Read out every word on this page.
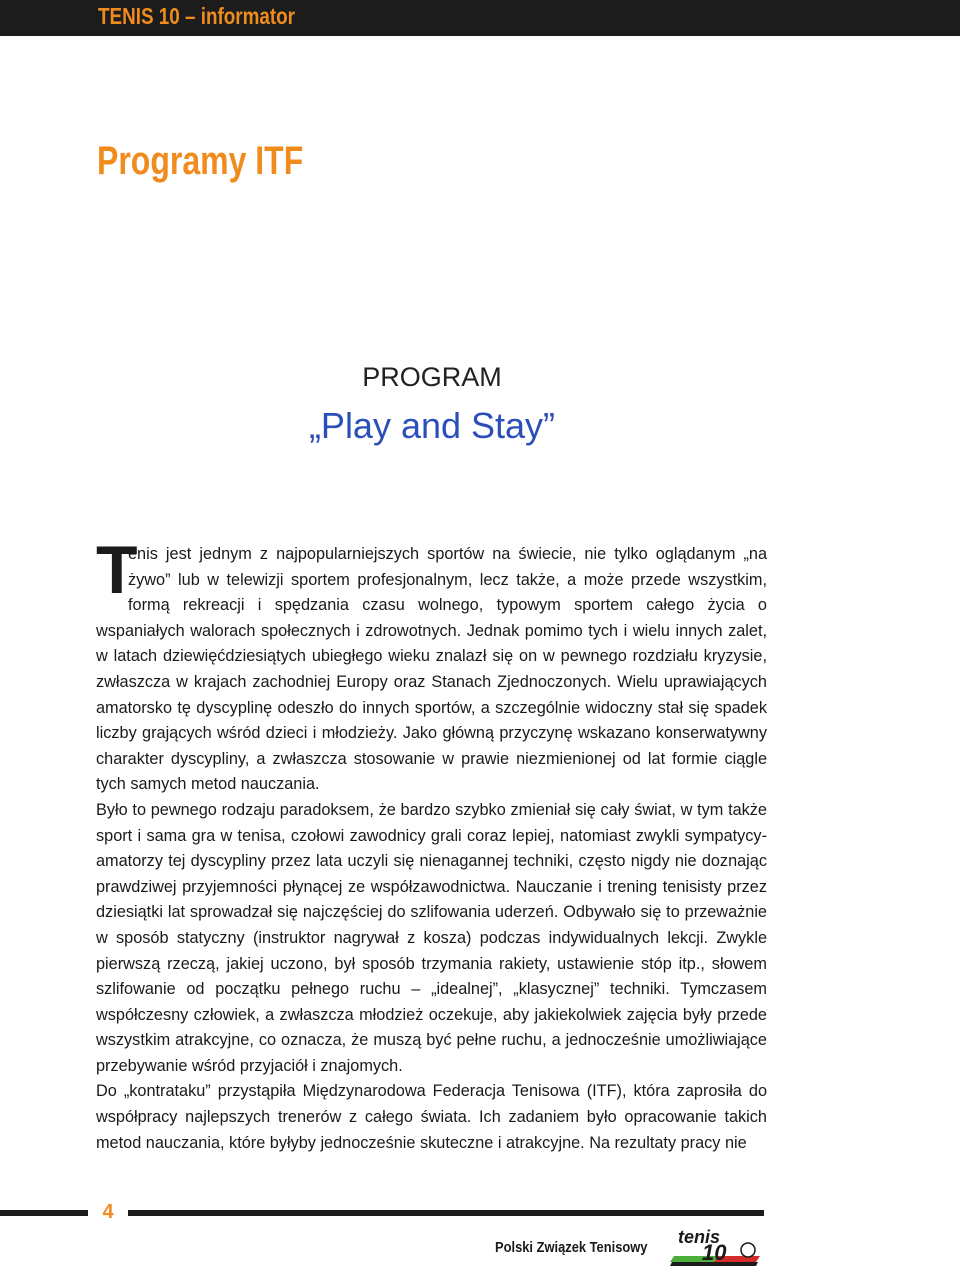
TENIS 10 – informator
Programy ITF
PROGRAM
„Play and Stay”

T
enis jest jednym z najpopularniejszych sportów na świecie, nie tylko oglądanym „na żywo” lub w telewizji sportem profesjonalnym, lecz także, a może przede wszystkim, formą rekreacji i spędzania czasu wolnego, typowym sportem całego życia o wspaniałych walorach społecznych i zdrowotnych. Jednak pomimo tych i wielu innych zalet, w latach dziewięćdziesiątych ubiegłego wieku znalazł się on w pewnego rozdziału kryzysie, zwłaszcza w krajach zachodniej Europy oraz Stanach Zjednoczonych. Wielu uprawiających amatorsko tę dyscyplinę odeszło do innych sportów, a szczególnie widoczny stał się spadek liczby grających wśród dzieci i młodzieży. Jako główną przyczynę wskazano konserwatywny charakter dyscypliny, a zwłaszcza stosowanie w prawie niezmienionej od lat formie ciągle tych samych metod nauczania.

Było to pewnego rodzaju paradoksem, że bardzo szybko zmieniał się cały świat, w tym także sport i sama gra w tenisa, czołowi zawodnicy grali coraz lepiej, natomiast zwykli sympatycy-amatorzy tej dyscypliny przez lata uczyli się nienagannej techniki, często nigdy nie doznając prawdziwej przyjemności płynącej ze współzawodnictwa. Nauczanie i trening tenisisty przez dziesiątki lat sprowadzał się najczęściej do szlifowania uderzeń. Odbywało się to przeważnie w sposób statyczny (instruktor nagrywał z kosza) podczas indywidualnych lekcji. Zwykle pierwszą rzeczą, jakiej uczono, był sposób trzymania rakiety, ustawienie stóp itp., słowem szlifowanie od początku pełnego ruchu – „idealnej”, „klasycznej” techniki. Tymczasem współczesny człowiek, a zwłaszcza młodzież oczekuje, aby jakiekolwiek zajęcia były przede wszystkim atrakcyjne, co oznacza, że muszą być pełne ruchu, a jednocześnie umożliwiające przebywanie wśród przyjaciół i znajomych.

Do „kontrataku” przystąpiła Międzynarodowa Federacja Tenisowa (ITF), która zaprosiła do współpracy najlepszych trenerów z całego świata. Ich zadaniem było opracowanie takich metod nauczania, które byłyby jednocześnie skuteczne i atrakcyjne. Na rezultaty pracy nie

4
Polski Związek Tenisowy
tenis
10
